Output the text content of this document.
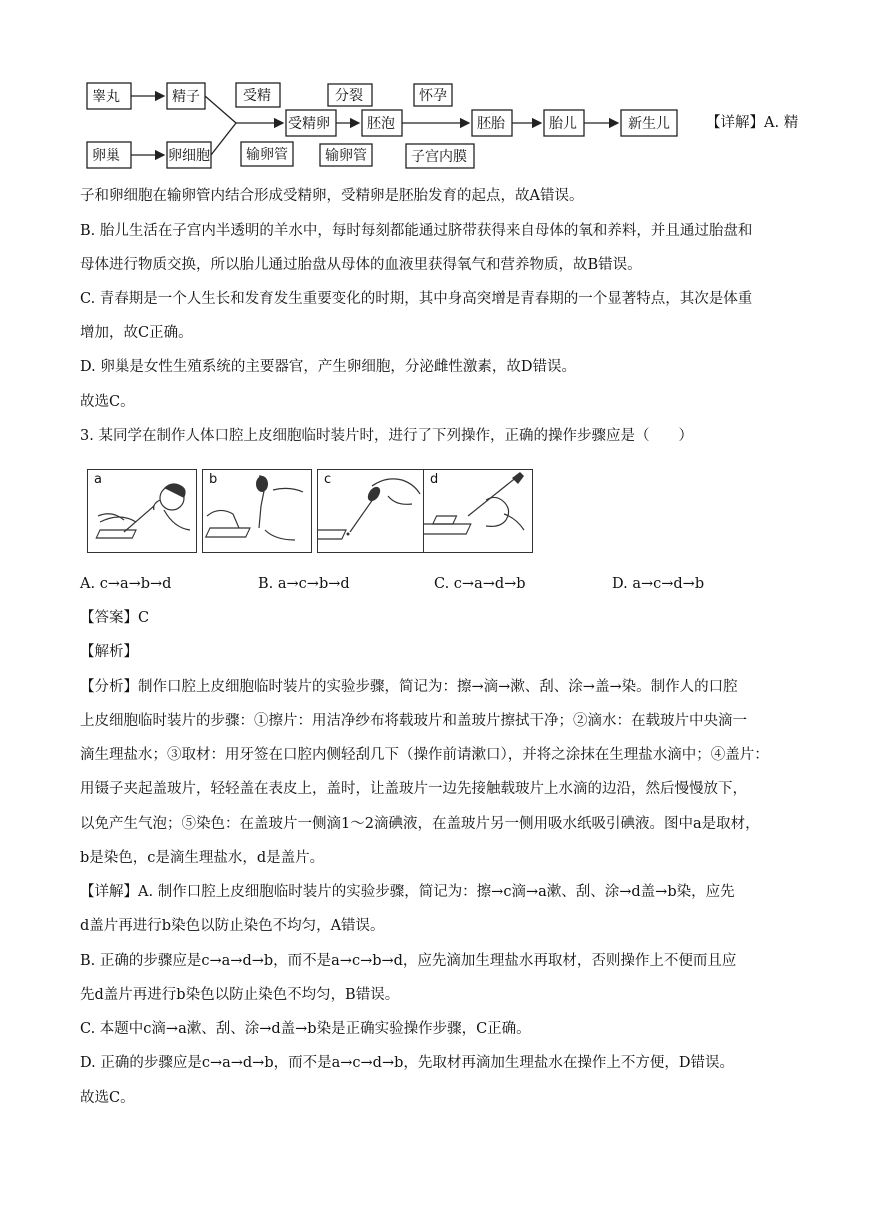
睾丸	精子
卵巢	卵细胞
受精卵	胚泡	胚胎	胎儿	新生儿
受精
输卵管
分裂
输卵管
怀孕
子宫内膜
【详解】A. 精
子和卵细胞在输卵管内结合形成受精卵，受精卵是胚胎发育的起点，故A错误。
B. 胎儿生活在子宫内半透明的羊水中，每时每刻都能通过脐带获得来自母体的氧和养料，并且通过胎盘和
母体进行物质交换，所以胎儿通过胎盘从母体的血液里获得氧气和营养物质，故B错误。
C. 青春期是一个人生长和发育发生重要变化的时期，其中身高突增是青春期的一个显著特点，其次是体重
增加，故C正确。
D. 卵巢是女性生殖系统的主要器官，产生卵细胞，分泌雌性激素，故D错误。
故选C。
3. 某同学在制作人体口腔上皮细胞临时装片时，进行了下列操作，正确的操作步骤应是（　　）
a	b	c	d
A. c→a→b→d	B. a→c→b→d	C. c→a→d→b	D. a→c→d→b
【答案】C
【解析】
【分析】制作口腔上皮细胞临时装片的实验步骤，简记为：擦→滴→漱、刮、涂→盖→染。制作人的口腔
上皮细胞临时装片的步骤：①擦片：用洁净纱布将载玻片和盖玻片擦拭干净；②滴水：在载玻片中央滴一
滴生理盐水；③取材：用牙签在口腔内侧轻刮几下（操作前请漱口），并将之涂抹在生理盐水滴中；④盖片：
用镊子夹起盖玻片，轻轻盖在表皮上，盖时，让盖玻片一边先接触载玻片上水滴的边沿，然后慢慢放下，
以免产生气泡；⑤染色：在盖玻片一侧滴1～2滴碘液，在盖玻片另一侧用吸水纸吸引碘液。图中a是取材，
b是染色，c是滴生理盐水，d是盖片。
【详解】A. 制作口腔上皮细胞临时装片的实验步骤，简记为：擦→c滴→a漱、刮、涂→d盖→b染，应先
d盖片再进行b染色以防止染色不均匀，A错误。
B. 正确的步骤应是c→a→d→b，而不是a→c→b→d，应先滴加生理盐水再取材，否则操作上不便而且应
先d盖片再进行b染色以防止染色不均匀，B错误。
C. 本题中c滴→a漱、刮、涂→d盖→b染是正确实验操作步骤，C正确。
D. 正确的步骤应是c→a→d→b，而不是a→c→d→b，先取材再滴加生理盐水在操作上不方便，D错误。
故选C。
